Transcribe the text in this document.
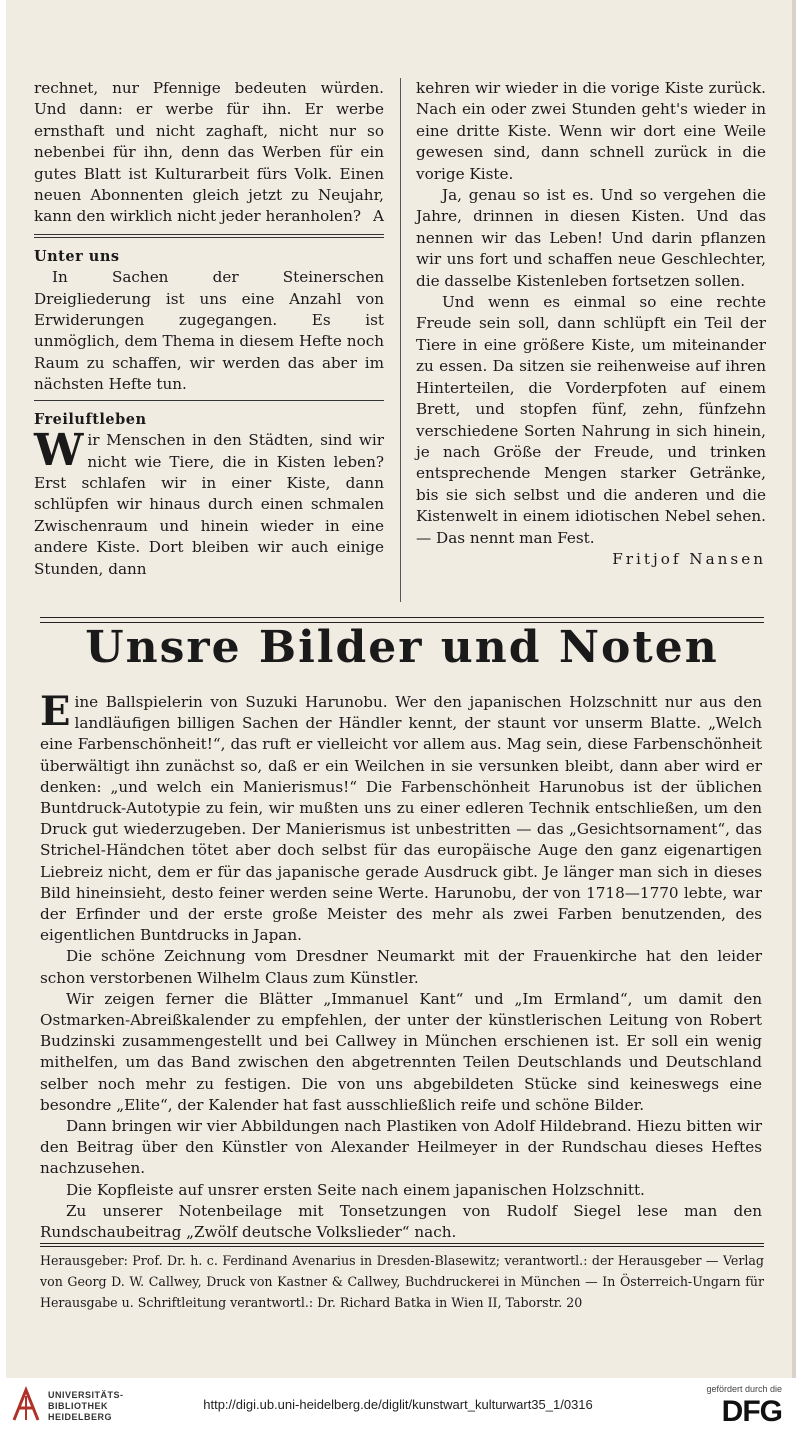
rechnet, nur Pfennige bedeuten würden. Und dann: er werbe für ihn. Er werbe ernsthaft und nicht zaghaft, nicht nur so nebenbei für ihn, denn das Werben für ein gutes Blatt ist Kulturarbeit fürs Volk. Einen neuen Abonnenten gleich jetzt zu Neujahr, kann den wirklich nicht jeder heranholen? A

Unter uns

In Sachen der Steinerschen Dreigliederung ist uns eine Anzahl von Erwiderungen zugegangen. Es ist unmöglich, dem Thema in diesem Hefte noch Raum zu schaffen, wir werden das aber im nächsten Hefte tun.

Freiluftleben

Wir Menschen in den Städten, sind wir nicht wie Tiere, die in Kisten leben? Erst schlafen wir in einer Kiste, dann schlüpfen wir hinaus durch einen schmalen Zwischenraum und hinein wieder in eine andere Kiste. Dort bleiben wir auch einige Stunden, dann

kehren wir wieder in die vorige Kiste zurück. Nach ein oder zwei Stunden geht's wieder in eine dritte Kiste. Wenn wir dort eine Weile gewesen sind, dann schnell zurück in die vorige Kiste.

Ja, genau so ist es. Und so vergehen die Jahre, drinnen in diesen Kisten. Und das nennen wir das Leben! Und darin pflanzen wir uns fort und schaffen neue Geschlechter, die dasselbe Kistenleben fortsetzen sollen.

Und wenn es einmal so eine rechte Freude sein soll, dann schlüpft ein Teil der Tiere in eine größere Kiste, um miteinander zu essen. Da sitzen sie reihenweise auf ihren Hinterteilen, die Vorderpfoten auf einem Brett, und stopfen fünf, zehn, fünfzehn verschiedene Sorten Nahrung in sich hinein, je nach Größe der Freude, und trinken entsprechende Mengen starker Getränke, bis sie sich selbst und die anderen und die Kistenwelt in einem idiotischen Nebel sehen. — Das nennt man Fest.

Fritjof Nansen

Unsre Bilder und Noten

Eine Ballspielerin von Suzuki Harunobu. Wer den japanischen Holzschnitt nur aus den landläufigen billigen Sachen der Händler kennt, der staunt vor unserm Blatte. „Welch eine Farbenschönheit!“, das ruft er vielleicht vor allem aus. Mag sein, diese Farbenschönheit überwältigt ihn zunächst so, daß er ein Weilchen in sie versunken bleibt, dann aber wird er denken: „und welch ein Manierismus!“ Die Farbenschönheit Harunobus ist der üblichen Buntdruck-Autotypie zu fein, wir mußten uns zu einer edleren Technik entschließen, um den Druck gut wiederzugeben. Der Manierismus ist unbestritten — das „Gesichtsornament“, das Strichel-Händchen tötet aber doch selbst für das europäische Auge den ganz eigenartigen Liebreiz nicht, dem er für das japanische gerade Ausdruck gibt. Je länger man sich in dieses Bild hineinsieht, desto feiner werden seine Werte. Harunobu, der von 1718—1770 lebte, war der Erfinder und der erste große Meister des mehr als zwei Farben benutzenden, des eigentlichen Buntdrucks in Japan.

Die schöne Zeichnung vom Dresdner Neumarkt mit der Frauenkirche hat den leider schon verstorbenen Wilhelm Claus zum Künstler.

Wir zeigen ferner die Blätter „Immanuel Kant“ und „Im Ermland“, um damit den Ostmarken-Abreißkalender zu empfehlen, der unter der künstlerischen Leitung von Robert Budzinski zusammengestellt und bei Callwey in München erschienen ist. Er soll ein wenig mithelfen, um das Band zwischen den abgetrennten Teilen Deutschlands und Deutschland selber noch mehr zu festigen. Die von uns abgebildeten Stücke sind keineswegs eine besondre „Elite“, der Kalender hat fast ausschließlich reife und schöne Bilder.

Dann bringen wir vier Abbildungen nach Plastiken von Adolf Hildebrand. Hiezu bitten wir den Beitrag über den Künstler von Alexander Heilmeyer in der Rundschau dieses Heftes nachzusehen.

Die Kopfleiste auf unsrer ersten Seite nach einem japanischen Holzschnitt.

Zu unserer Notenbeilage mit Tonsetzungen von Rudolf Siegel lese man den Rundschaubeitrag „Zwölf deutsche Volkslieder“ nach.

Herausgeber: Prof. Dr. h. c. Ferdinand Avenarius in Dresden-Blasewitz; verantwortl.: der Herausgeber — Verlag von Georg D. W. Callwey, Druck von Kastner & Callwey, Buchdruckerei in München — In Österreich-Ungarn für Herausgabe u. Schriftleitung verantwortl.: Dr. Richard Batka in Wien II, Taborstr. 20
UNIVERSITÄTS-
BIBLIOTHEK
HEIDELBERG
http://digi.ub.uni-heidelberg.de/diglit/kunstwart_kulturwart35_1/0316
gefördert durch die
DFG
